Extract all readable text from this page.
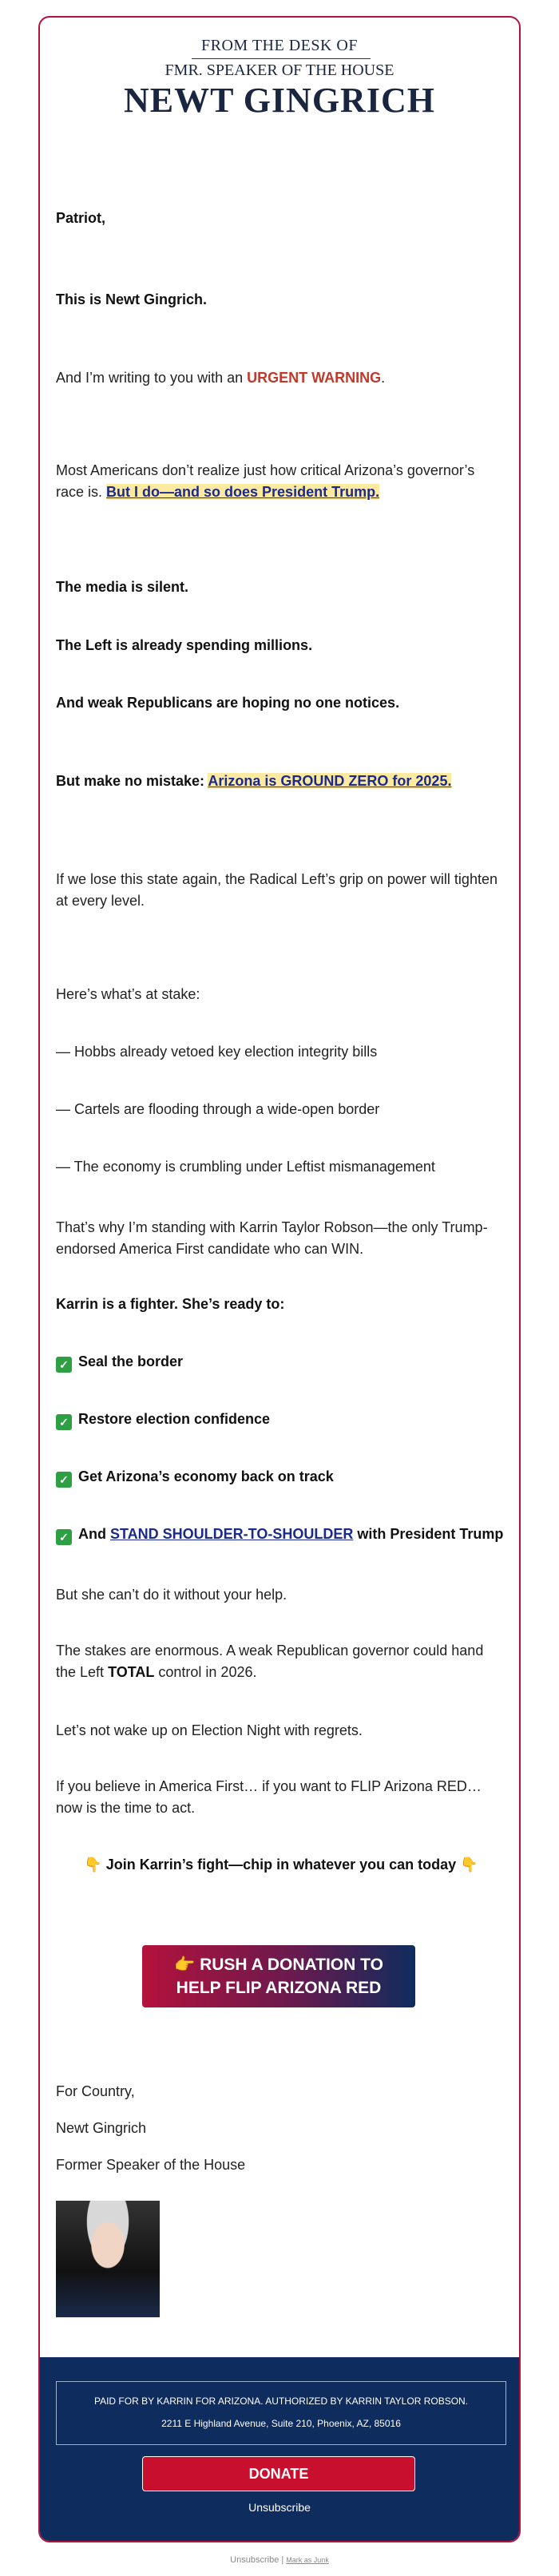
FROM THE DESK OF
FMR. SPEAKER OF THE HOUSE
NEWT GINGRICH
Patriot,
This is Newt Gingrich.
And I’m writing to you with an URGENT WARNING.
Most Americans don’t realize just how critical Arizona’s governor’s race is. But I do—and so does President Trump.
The media is silent.
The Left is already spending millions.
And weak Republicans are hoping no one notices.
But make no mistake: Arizona is GROUND ZERO for 2025.
If we lose this state again, the Radical Left’s grip on power will tighten at every level.
Here’s what’s at stake:
— Hobbs already vetoed key election integrity bills
— Cartels are flooding through a wide-open border
— The economy is crumbling under Leftist mismanagement
That’s why I’m standing with Karrin Taylor Robson—the only Trump-endorsed America First candidate who can WIN.
Karrin is a fighter. She’s ready to:
✓ Seal the border
✓ Restore election confidence
✓ Get Arizona’s economy back on track
✓ And STAND SHOULDER-TO-SHOULDER with President Trump
But she can’t do it without your help.
The stakes are enormous. A weak Republican governor could hand the Left TOTAL control in 2026.
Let’s not wake up on Election Night with regrets.
If you believe in America First… if you want to FLIP Arizona RED… now is the time to act.
👇 Join Karrin’s fight—chip in whatever you can today 👇
👉 RUSH A DONATION TO
HELP FLIP ARIZONA RED
For Country,
Newt Gingrich
Former Speaker of the House
PAID FOR BY KARRIN FOR ARIZONA. AUTHORIZED BY KARRIN TAYLOR ROBSON.
2211 E Highland Avenue, Suite 210, Phoenix, AZ, 85016
DONATE
Unsubscribe
Unsubscribe | Mark as Junk
